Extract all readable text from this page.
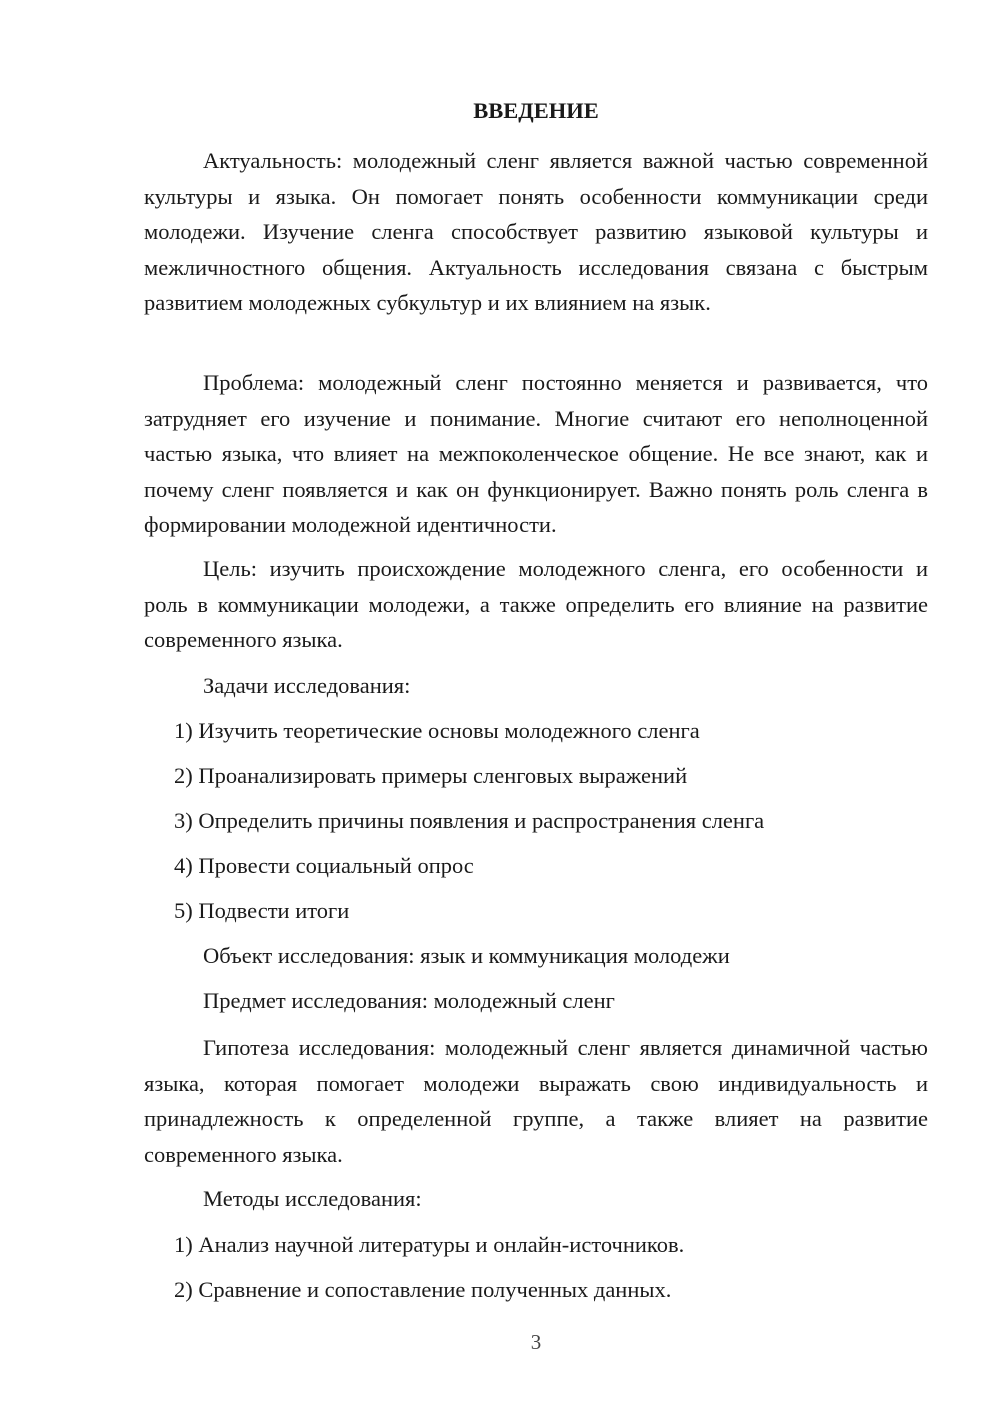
ВВЕДЕНИЕ

Актуальность: молодежный сленг является важной частью современной культуры и языка. Он помогает понять особенности коммуникации среди молодежи. Изучение сленга способствует развитию языковой культуры и межличностного общения. Актуальность исследования связана с быстрым развитием молодежных субкультур и их влиянием на язык.

Проблема: молодежный сленг постоянно меняется и развивается, что затрудняет его изучение и понимание. Многие считают его неполноценной частью языка, что влияет на межпоколенческое общение. Не все знают, как и почему сленг появляется и как он функционирует. Важно понять роль сленга в формировании молодежной идентичности.

Цель: изучить происхождение молодежного сленга, его особенности и роль в коммуникации молодежи, а также определить его влияние на развитие современного языка.

Задачи исследования:

1) Изучить теоретические основы молодежного сленга

2) Проанализировать примеры сленговых выражений

3) Определить причины появления и распространения сленга

4) Провести социальный опрос

5) Подвести итоги

Объект исследования: язык и коммуникация молодежи

Предмет исследования: молодежный сленг

Гипотеза исследования: молодежный сленг является динамичной частью языка, которая помогает молодежи выражать свою индивидуальность и принадлежность к определенной группе, а также влияет на развитие современного языка.

Методы исследования:

1) Анализ научной литературы и онлайн-источников.

2) Сравнение и сопоставление полученных данных.

3
